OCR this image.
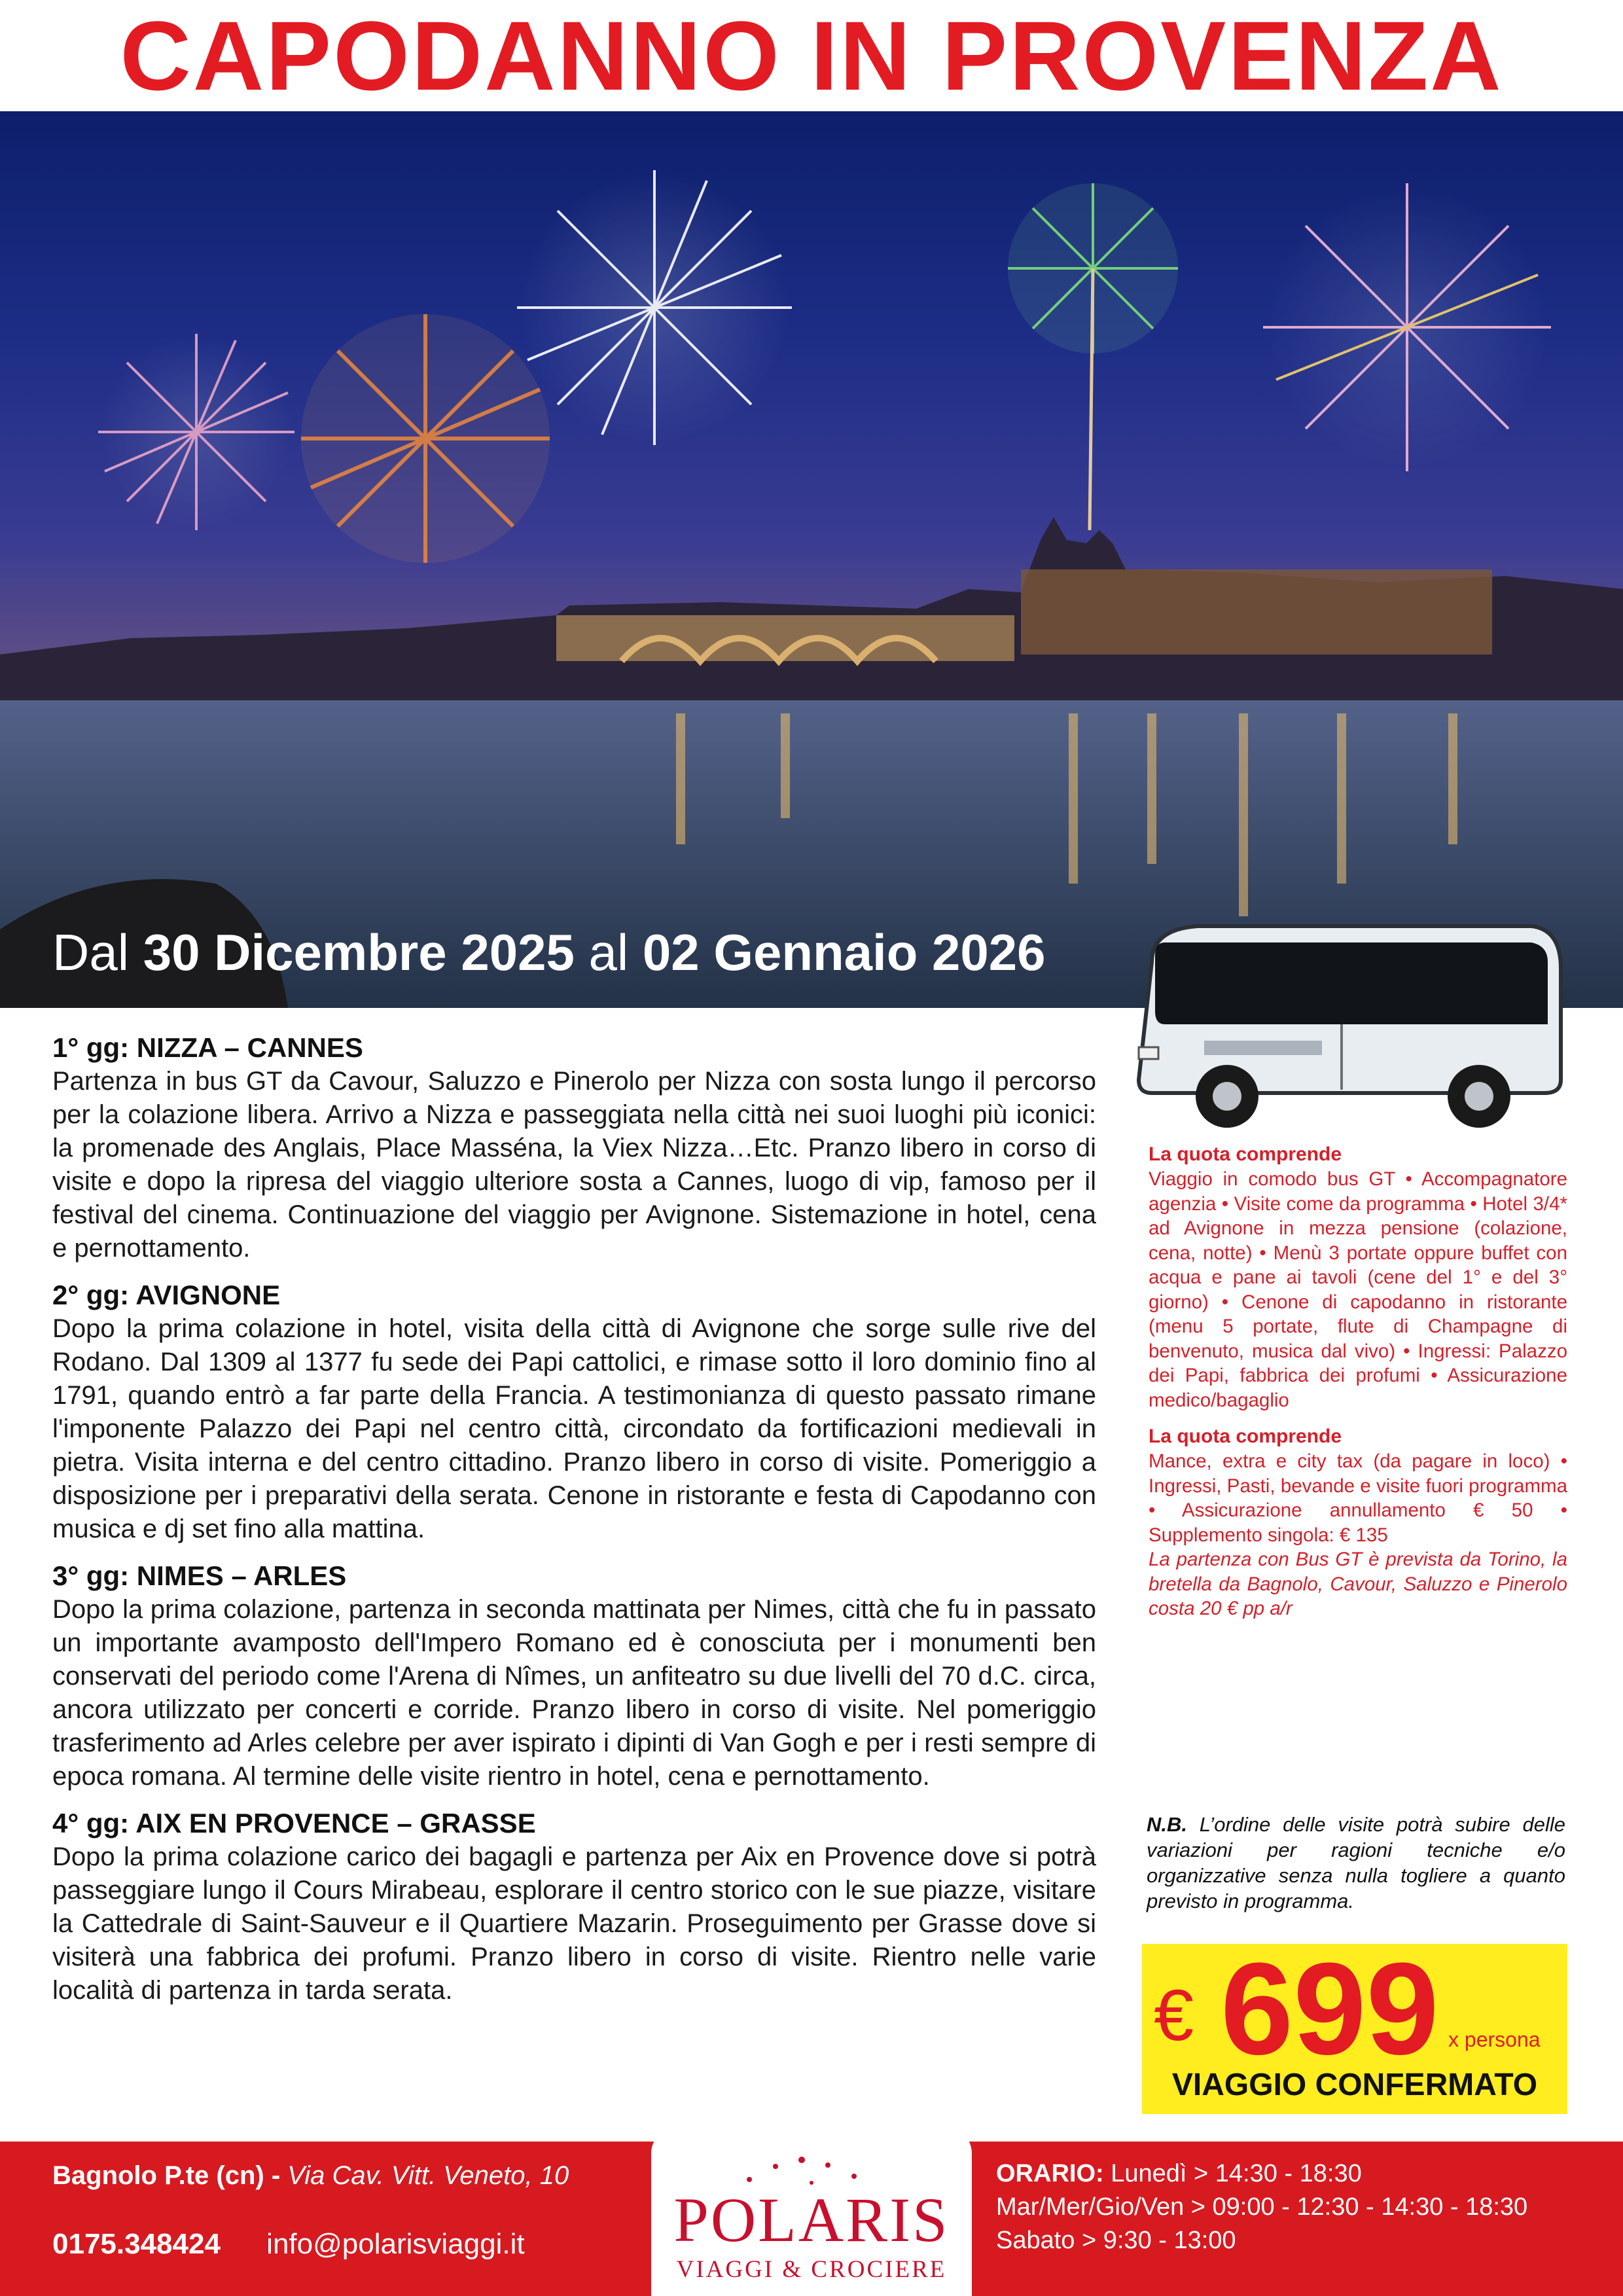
CAPODANNO IN PROVENZA
Dal 30 Dicembre 2025 al 02 Gennaio 2026
1° gg: NIZZA – CANNES

Partenza in bus GT da Cavour, Saluzzo e Pinerolo per Nizza con sosta lungo il percorso per la colazione libera. Arrivo a Nizza e passeggiata nella città nei suoi luoghi più iconici: la promenade des Anglais, Place Masséna, la Viex Nizza…Etc. Pranzo libero in corso di visite e dopo la ripresa del viaggio ulteriore sosta a Cannes, luogo di vip, famoso per il festival del cinema. Continuazione del viaggio per Avignone. Sistemazione in hotel, cena e pernottamento.

2° gg: AVIGNONE

Dopo la prima colazione in hotel, visita della città di Avignone che sorge sulle rive del Rodano. Dal 1309 al 1377 fu sede dei Papi cattolici, e rimase sotto il loro dominio fino al 1791, quando entrò a far parte della Francia. A testimonianza di questo passato rimane l'imponente Palazzo dei Papi nel centro città, circondato da fortificazioni medievali in pietra. Visita interna e del centro cittadino. Pranzo libero in corso di visite. Pomeriggio a disposizione per i preparativi della serata. Cenone in ristorante e festa di Capodanno con musica e dj set fino alla mattina.

3° gg: NIMES – ARLES

Dopo la prima colazione, partenza in seconda mattinata per Nimes, città che fu in passato un importante avamposto dell'Impero Romano ed è conosciuta per i monumenti ben conservati del periodo come l'Arena di Nîmes, un anfiteatro su due livelli del 70 d.C. circa, ancora utilizzato per concerti e corride. Pranzo libero in corso di visite. Nel pomeriggio trasferimento ad Arles celebre per aver ispirato i dipinti di Van Gogh e per i resti sempre di epoca romana. Al termine delle visite rientro in hotel, cena e pernottamento.

4° gg: AIX EN PROVENCE – GRASSE

Dopo la prima colazione carico dei bagagli e partenza per Aix en Provence dove si potrà passeggiare lungo il Cours Mirabeau, esplorare il centro storico con le sue piazze, visitare la Cattedrale di Saint-Sauveur e il Quartiere Mazarin. Proseguimento per Grasse dove si visiterà una fabbrica dei profumi. Pranzo libero in corso di visite. Rientro nelle varie località di partenza in tarda serata.

La quota comprende

Viaggio in comodo bus GT • Accompagnatore agenzia • Visite come da programma • Hotel 3/4* ad Avignone in mezza pensione (colazione, cena, notte) • Menù 3 portate oppure buffet con acqua e pane ai tavoli (cene del 1° e del 3° giorno) • Cenone di capodanno in ristorante (menu 5 portate, flute di Champagne di benvenuto, musica dal vivo) • Ingressi: Palazzo dei Papi, fabbrica dei profumi • Assicurazione medico/bagaglio

La quota comprende

Mance, extra e city tax (da pagare in loco) • Ingressi, Pasti, bevande e visite fuori programma • Assicurazione annullamento € 50 • Supplemento singola: € 135
La partenza con Bus GT è prevista da Torino, la bretella da Bagnolo, Cavour, Saluzzo e Pinerolo costa 20 € pp a/r

N.B. L’ordine delle visite potrà subire delle variazioni per ragioni tecniche e/o organizzative senza nulla togliere a quanto previsto in programma.
€ 699 x persona
VIAGGIO CONFERMATO
Bagnolo P.te (cn) - Via Cav. Vitt. Veneto, 10
0175.348424 info@polarisviaggi.it	POLARIS
VIAGGI & CROCIERE
ORARIO: Lunedì > 14:30 - 18:30
Mar/Mer/Gio/Ven > 09:00 - 12:30 - 14:30 - 18:30
Sabato > 9:30 - 13:00
